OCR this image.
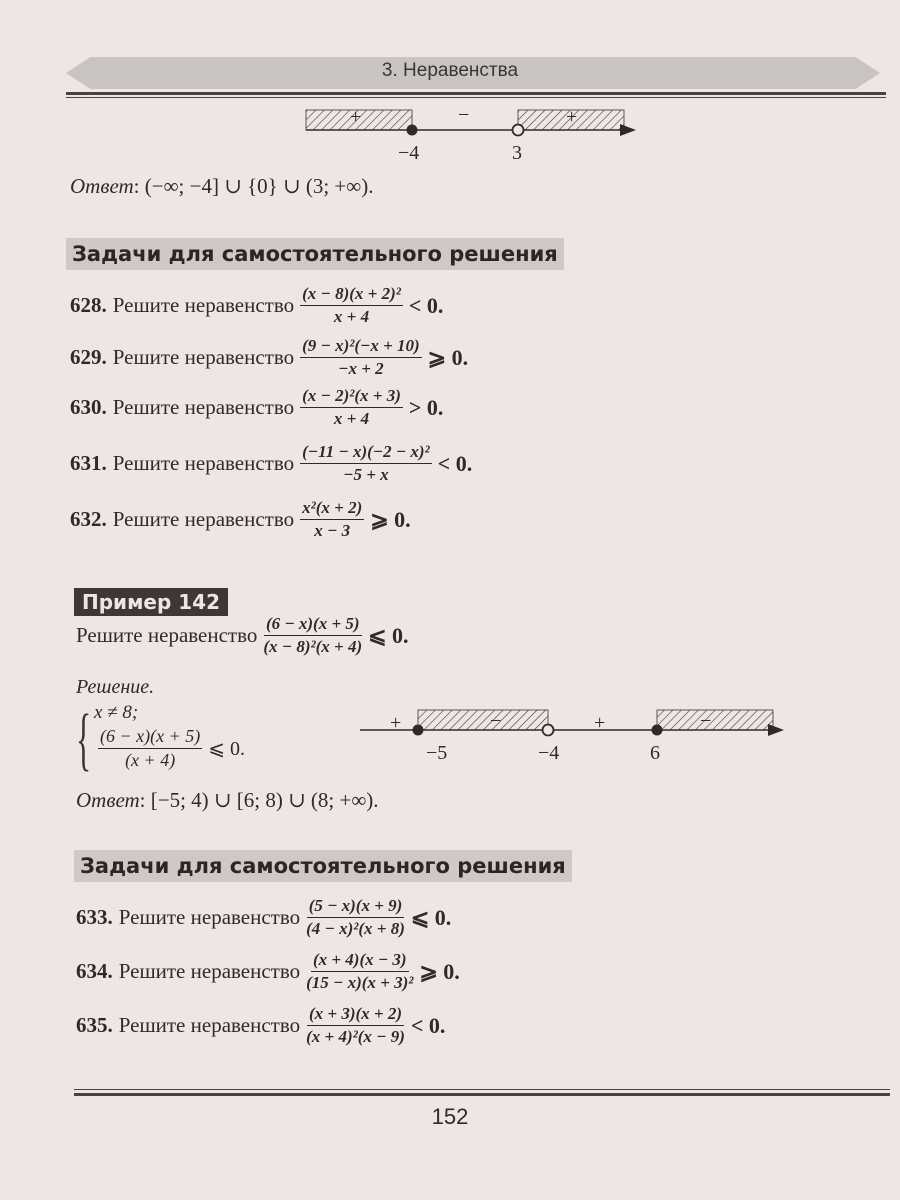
3. Неравенства
+	−	+
−4	3
Ответ: (−∞; −4] ∪ {0} ∪ (3; +∞).
Задачи для самостоятельного решения
628. Решите неравенство $\frac{\text{(x − 8)(x + 2)²}}{x + 4} < 0$.
629. Решите неравенство $\frac{\text{(9 − x)²(−x + 10)}}{-x + 2}$ ⩾ 0.
630. Решите неравенство $\frac{\text{(x − 2)²(x + 3)}}{x + 4} > 0$.
631. Решите неравенство $\frac{\text{(−11 − x)(−2 − x)²}}{-5 + x} < 0$.
632. Решите неравенство $\frac{\text{x²(x + 2)}}{x - 3}$ ⩾ 0.
Пример 142
Решите неравенство $\frac{(6 - x)(x + 5)}{\text{(x − 8)²(x + 4)}}$ ⩽ 0.
Решение.
{ x ≠ 8;
$\frac{(6 - x)(x + 5)}{(x + 4)}$ ⩽ 0.
+	−	+	−
−5	−4	6
Ответ: [−5; 4) ∪ [6; 8) ∪ (8; +∞).
Задачи для самостоятельного решения
633. Решите неравенство $\frac{(5 - x)(x + 9)}{\text{(4 − x)²(x + 8)}}$ ⩽ 0.
634. Решите неравенство $\frac{(x + 4)(x - 3)}{\text{(15 − x)(x + 3)²}}$ ⩾ 0.
635. Решите неравенство $\frac{(x + 3)(x + 2)}{\text{(x + 4)²(x − 9)}} < 0$.
152
